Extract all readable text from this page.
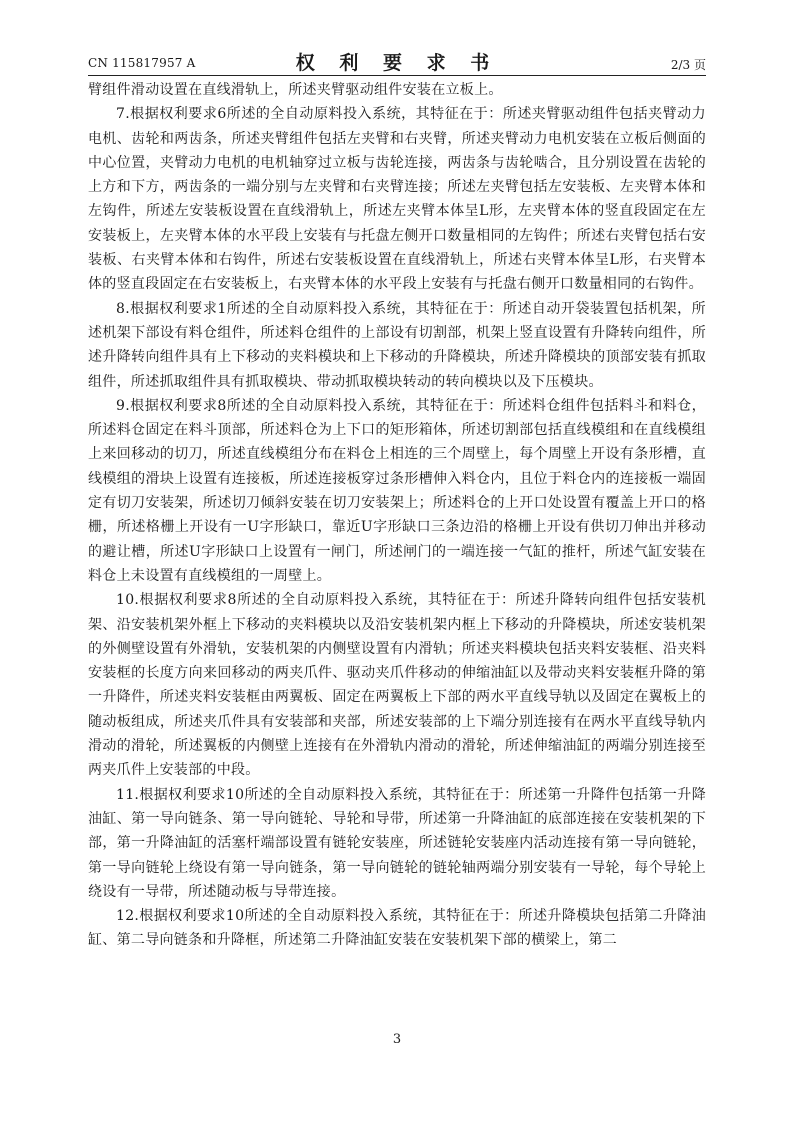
CN 115817957 A	权 利 要 求 书	2/3 页

臂组件滑动设置在直线滑轨上，所述夹臂驱动组件安装在立板上。

7.根据权利要求6所述的全自动原料投入系统，其特征在于：所述夹臂驱动组件包括夹臂动力电机、齿轮和两齿条，所述夹臂组件包括左夹臂和右夹臂，所述夹臂动力电机安装在立板后侧面的中心位置，夹臂动力电机的电机轴穿过立板与齿轮连接，两齿条与齿轮啮合，且分别设置在齿轮的上方和下方，两齿条的一端分别与左夹臂和右夹臂连接；所述左夹臂包括左安装板、左夹臂本体和左钩件，所述左安装板设置在直线滑轨上，所述左夹臂本体呈L形，左夹臂本体的竖直段固定在左安装板上，左夹臂本体的水平段上安装有与托盘左侧开口数量相同的左钩件；所述右夹臂包括右安装板、右夹臂本体和右钩件，所述右安装板设置在直线滑轨上，所述右夹臂本体呈L形，右夹臂本体的竖直段固定在右安装板上，右夹臂本体的水平段上安装有与托盘右侧开口数量相同的右钩件。

8.根据权利要求1所述的全自动原料投入系统，其特征在于：所述自动开袋装置包括机架，所述机架下部设有料仓组件，所述料仓组件的上部设有切割部，机架上竖直设置有升降转向组件，所述升降转向组件具有上下移动的夹料模块和上下移动的升降模块，所述升降模块的顶部安装有抓取组件，所述抓取组件具有抓取模块、带动抓取模块转动的转向模块以及下压模块。

9.根据权利要求8所述的全自动原料投入系统，其特征在于：所述料仓组件包括料斗和料仓，所述料仓固定在料斗顶部，所述料仓为上下口的矩形箱体，所述切割部包括直线模组和在直线模组上来回移动的切刀，所述直线模组分布在料仓上相连的三个周壁上，每个周壁上开设有条形槽，直线模组的滑块上设置有连接板，所述连接板穿过条形槽伸入料仓内，且位于料仓内的连接板一端固定有切刀安装架，所述切刀倾斜安装在切刀安装架上；所述料仓的上开口处设置有覆盖上开口的格栅，所述格栅上开设有一U字形缺口，靠近U字形缺口三条边沿的格栅上开设有供切刀伸出并移动的避让槽，所述U字形缺口上设置有一闸门，所述闸门的一端连接一气缸的推杆，所述气缸安装在料仓上未设置有直线模组的一周壁上。

10.根据权利要求8所述的全自动原料投入系统，其特征在于：所述升降转向组件包括安装机架、沿安装机架外框上下移动的夹料模块以及沿安装机架内框上下移动的升降模块，所述安装机架的外侧壁设置有外滑轨，安装机架的内侧壁设置有内滑轨；所述夹料模块包括夹料安装框、沿夹料安装框的长度方向来回移动的两夹爪件、驱动夹爪件移动的伸缩油缸以及带动夹料安装框升降的第一升降件，所述夹料安装框由两翼板、固定在两翼板上下部的两水平直线导轨以及固定在翼板上的随动板组成，所述夹爪件具有安装部和夹部，所述安装部的上下端分别连接有在两水平直线导轨内滑动的滑轮，所述翼板的内侧壁上连接有在外滑轨内滑动的滑轮，所述伸缩油缸的两端分别连接至两夹爪件上安装部的中段。

11.根据权利要求10所述的全自动原料投入系统，其特征在于：所述第一升降件包括第一升降油缸、第一导向链条、第一导向链轮、导轮和导带，所述第一升降油缸的底部连接在安装机架的下部，第一升降油缸的活塞杆端部设置有链轮安装座，所述链轮安装座内活动连接有第一导向链轮，第一导向链轮上绕设有第一导向链条，第一导向链轮的链轮轴两端分别安装有一导轮，每个导轮上绕设有一导带，所述随动板与导带连接。

12.根据权利要求10所述的全自动原料投入系统，其特征在于：所述升降模块包括第二升降油缸、第二导向链条和升降框，所述第二升降油缸安装在安装机架下部的横梁上，第二

3
